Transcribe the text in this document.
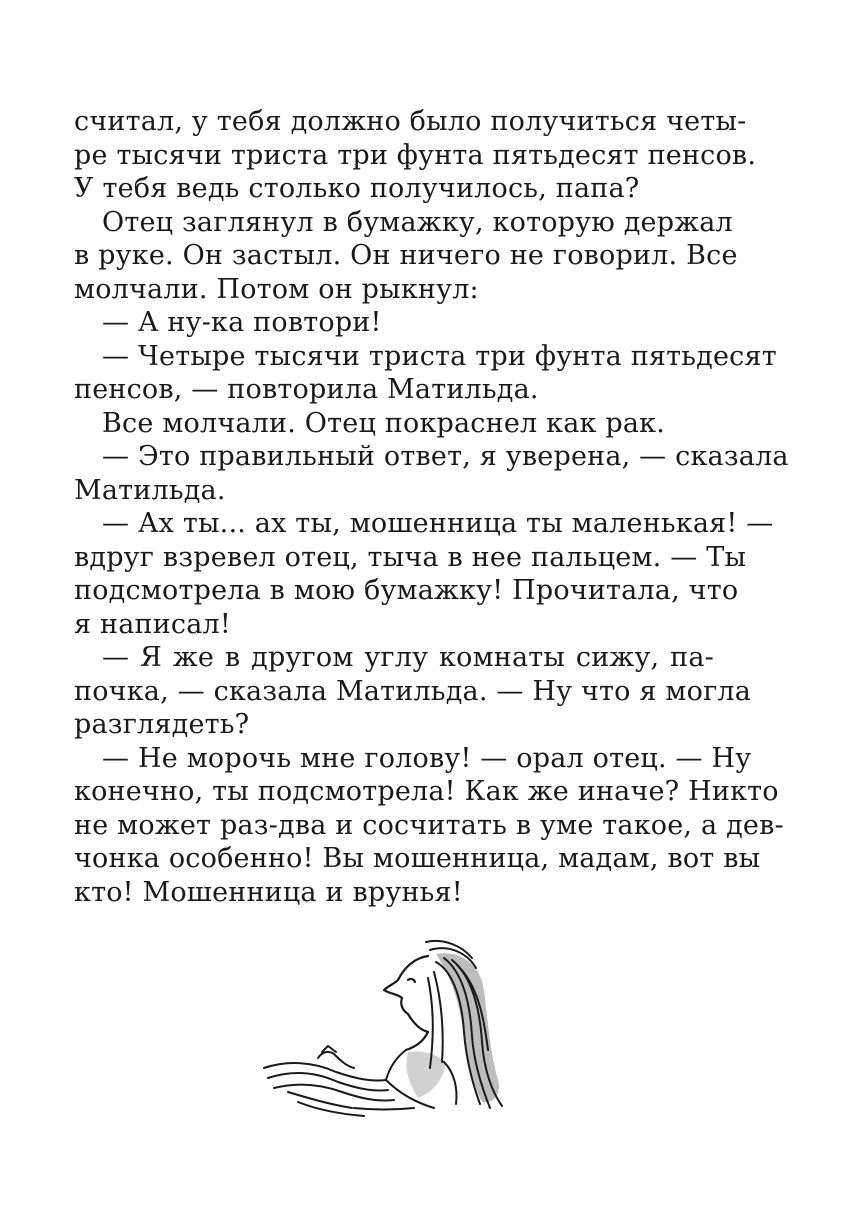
считал, у тебя должно было получиться четы-
ре тысячи триста три фунта пятьдесят пенсов.
У тебя ведь столько получилось, папа?
Отец заглянул в бумажку, которую держал
в руке. Он застыл. Он ничего не говорил. Все
молчали. Потом он рыкнул:
— А ну-ка повтори!
— Четыре тысячи триста три фунта пятьдесят
пенсов, — повторила Матильда.
Все молчали. Отец покраснел как рак.
— Это правильный ответ, я уверена, — сказала
Матильда.
— Ах ты... ах ты, мошенница ты маленькая! —
вдруг взревел отец, тыча в нее пальцем. — Ты
подсмотрела в мою бумажку! Прочитала, что
я написал!
— Я же в другом углу комнаты сижу, па-
почка, — сказала Матильда. — Ну что я могла
разглядеть?
— Не морочь мне голову! — орал отец. — Ну
конечно, ты подсмотрела! Как же иначе? Никто
не может раз-два и сосчитать в уме такое, а дев-
чонка особенно! Вы мошенница, мадам, вот вы
кто! Мошенница и врунья!
